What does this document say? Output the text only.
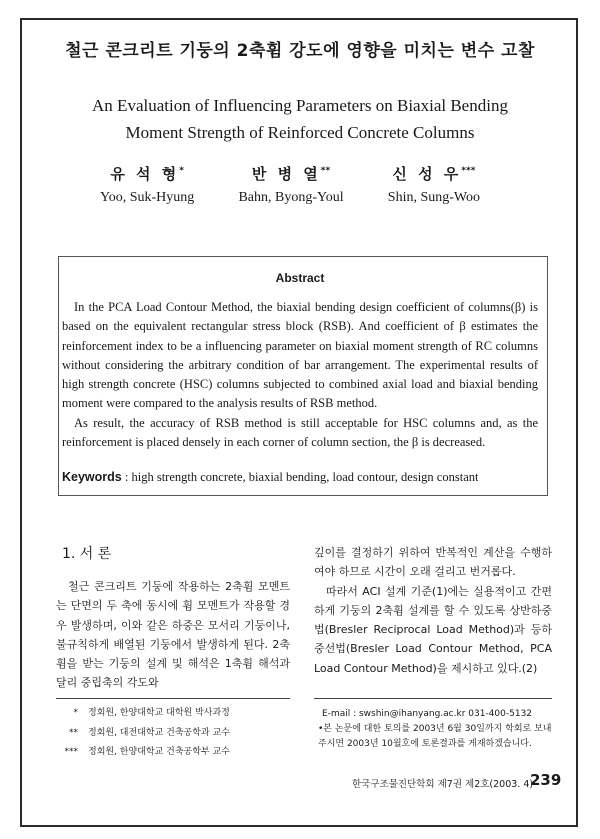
철근 콘크리트 기둥의 2축휨 강도에 영향을 미치는 변수 고찰
An Evaluation of Influencing Parameters on Biaxial Bending
Moment Strength of Reinforced Concrete Columns
유 석 형*
Yoo, Suk-Hyung
반 병 열**
Bahn, Byong-Youl
신 성 우***
Shin, Sung-Woo
Abstract

In the PCA Load Contour Method, the biaxial bending design coefficient of columns(β) is based on the equivalent rectangular stress block (RSB). And coefficient of β estimates the reinforcement index to be a influencing parameter on biaxial moment strength of RC columns without considering the arbitrary condition of bar arrangement. The experimental results of high strength concrete (HSC) columns subjected to combined axial load and biaxial bending moment were compared to the analysis results of RSB method.

As result, the accuracy of RSB method is still acceptable for HSC columns and, as the reinforcement is placed densely in each corner of column section, the β is decreased.

Keywords : high strength concrete, biaxial bending, load contour, design constant
1. 서 론

철근 콘크리트 기둥에 작용하는 2축휨 모멘트는 단면의 두 축에 동시에 휨 모멘트가 작용할 경우 발생하며, 이와 같은 하중은 모서리 기둥이나, 불규칙하게 배열된 기둥에서 발생하게 된다. 2축휨을 받는 기둥의 설계 및 해석은 1축휨 해석과 달리 중립축의 각도와

깊이를 결정하기 위하여 반복적인 계산을 수행하여야 하므로 시간이 오래 걸리고 번거롭다.

따라서 ACI 설계 기준(1)에는 실용적이고 간편하게 기둥의 2축휨 설계를 할 수 있도록 상반하중법(Bresler Reciprocal Load Method)과 등하중선법(Bresler Load Contour Method, PCA Load Contour Method)을 제시하고 있다.(2)

* 정회원, 한양대학교 대학원 박사과정
** 정회원, 대전대학교 건축공학과 교수
*** 정회원, 한양대학교 건축공학부 교수
E-mail : swshin@ihanyang.ac.kr 031-400-5132
•본 논문에 대한 토의를 2003년 6월 30일까지 학회로 보내 주시면 2003년 10월호에 토론결과를 게재하겠습니다.
한국구조물진단학회 제7권 제2호(2003. 4)
239
